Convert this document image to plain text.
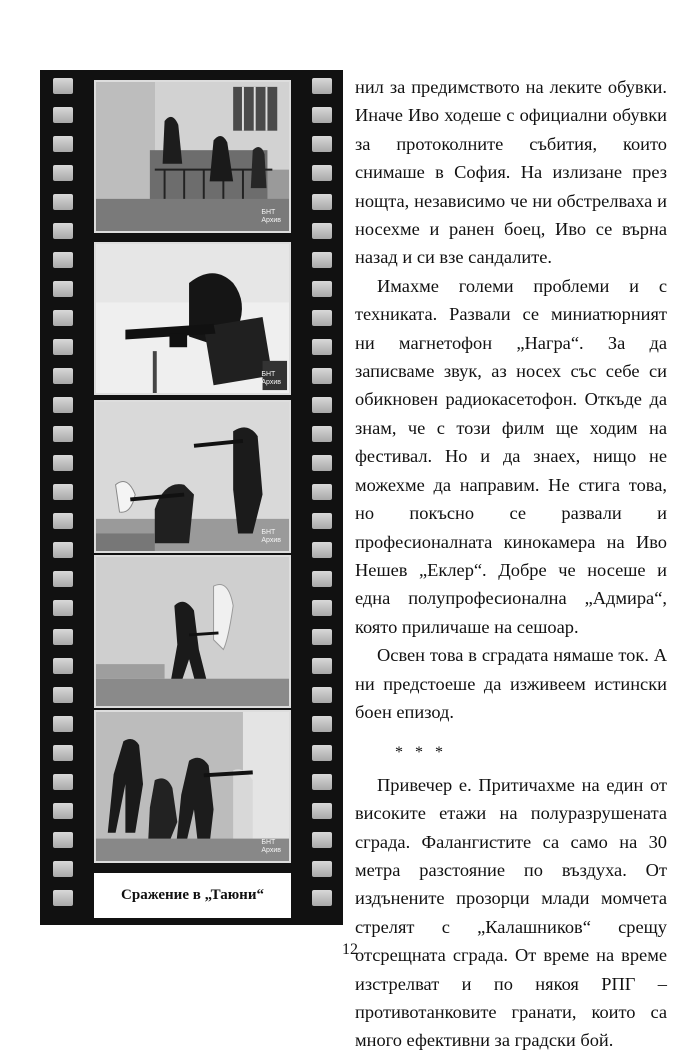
БНТ
Архив
БНТ
Архив
БНТ
Архив

БНТ
Архив
Сражение в „Таюни“

нил за предимството на леките обувки. Иначе Иво ходеше с официални обувки за протоколните събития, които снимаше в София. На излизане през нощта, независимо че ни обстрелваха и носехме и ранен боец, Иво се върна назад и си взе сандалите.

Имахме големи проблеми и с техниката. Развали се миниатюрният ни магнетофон „Награ“. За да записваме звук, аз носех със себе си обикновен радиокасетофон. Откъде да знам, че с този филм ще ходим на фестивал. Но и да знаех, нищо не можехме да направим. Не стига това, но покъсно се развали и професионалната кинокамера на Иво Нешев „Еклер“. Добре че носеше и една полупрофесионална „Адмира“, която приличаше на сешоар.

Освен това в сградата нямаше ток. А ни предстоеше да изживеем истински боен епизод.

* * *

Привечер е. Притичахме на един от високите етажи на полуразрушената сграда. Фалангистите са само на 30 метра разстояние по въздуха. От издънените прозорци млади момчета стрелят с „Калашников“ срещу отсрещната сграда. От време на време изстрелват и по някоя РПГ – противотанковите гранати, които са много ефективни за градски бой.

12
